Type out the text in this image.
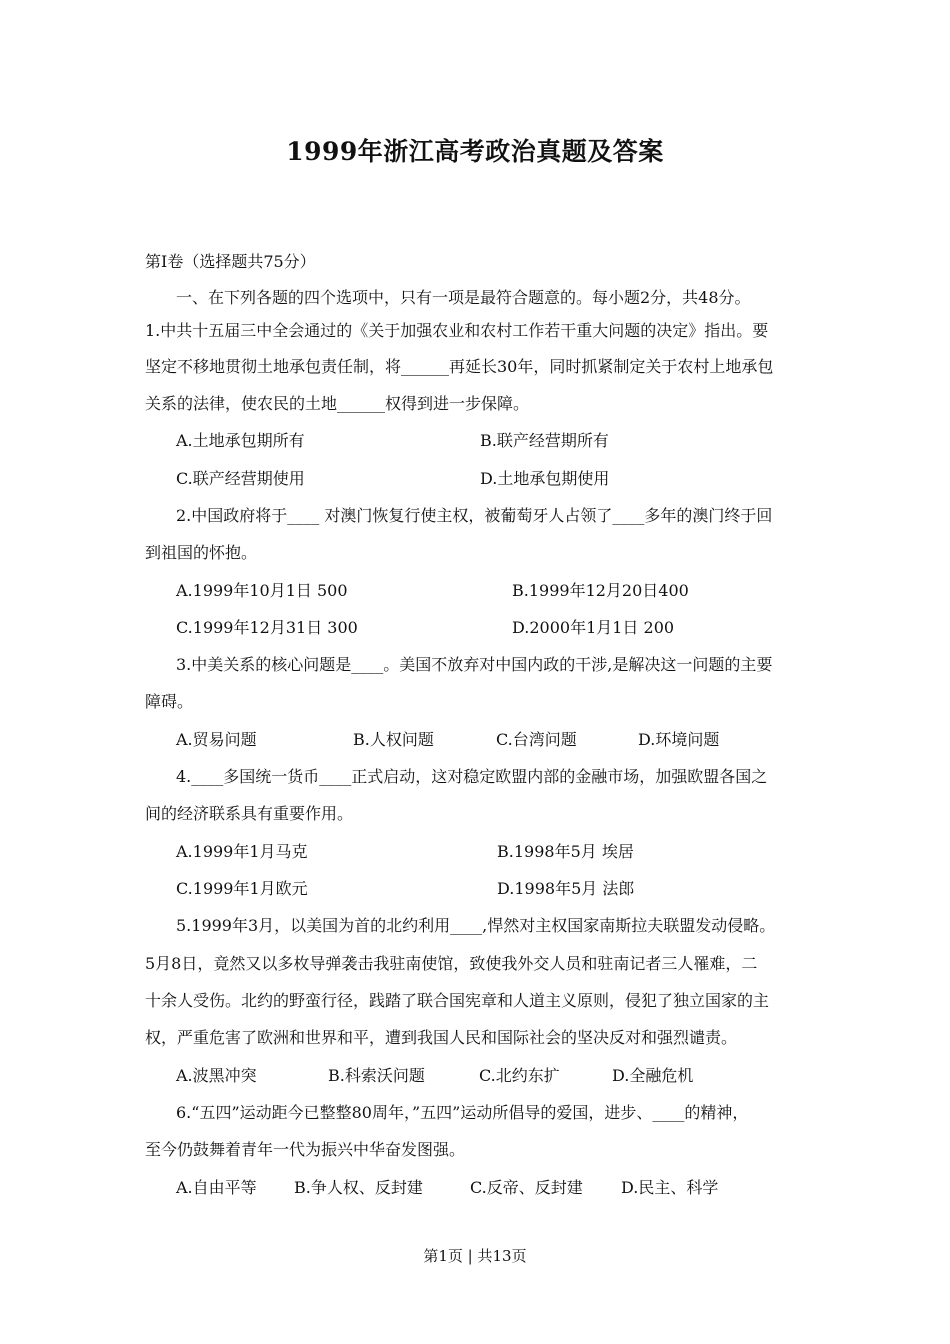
1999年浙江高考政治真题及答案
第Ⅰ卷（选择题共75分）
一、在下列各题的四个选项中，只有一项是最符合题意的。每小题2分，共48分。
1.中共十五届三中全会通过的《关于加强农业和农村工作若干重大问题的决定》指出。要
坚定不移地贯彻土地承包责任制，将______再延长30年，同时抓紧制定关于农村上地承包
关系的法律，使农民的土地______权得到进一步保障。
A.土地承包期所有	B.联产经营期所有
C.联产经营期使用	D.土地承包期使用
2.中国政府将于____ 对澳门恢复行使主权，被葡萄牙人占领了____多年的澳门终于回
到祖国的怀抱。
A.1999年10月1日 500	B.1999年12月20日400
C.1999年12月31日 300	D.2000年1月1日 200
3.中美关系的核心问题是____。美国不放弃对中国内政的干涉,是解决这一问题的主要
障碍。
A.贸易问题	B.人权问题	C.台湾问题	D.环境问题
4.____多国统一货币____正式启动，这对稳定欧盟内部的金融市场，加强欧盟各国之
间的经济联系具有重要作用。
A.1999年1月马克	B.1998年5月 埃居
C.1999年1月欧元	D.1998年5月 法郎
5.1999年3月，以美国为首的北约利用____,悍然对主权国家南斯拉夫联盟发动侵略。
5月8日，竟然又以多枚导弹袭击我驻南使馆，致使我外交人员和驻南记者三人罹难，二
十余人受伤。北约的野蛮行径，践踏了联合国宪章和人道主义原则，侵犯了独立国家的主
权，严重危害了欧洲和世界和平，遭到我国人民和国际社会的坚决反对和强烈谴责。
A.波黑冲突	B.科索沃问题	C.北约东扩	D.全融危机
6.“五四”运动距今已整整80周年，”五四”运动所倡导的爱国，进步、____的精神，
至今仍鼓舞着青年一代为振兴中华奋发图强。
A.自由平等 B.争人权、反封建	C.反帝、反封建 D.民主、科学
第1页 | 共13页
